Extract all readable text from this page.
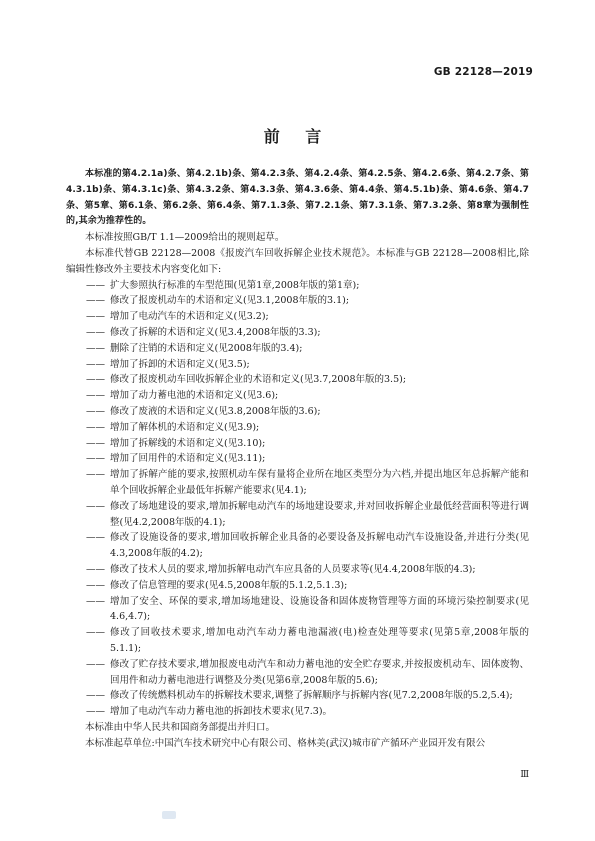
GB 22128—2019
前 言

本标准的第4.2.1a)条、第4.2.1b)条、第4.2.3条、第4.2.4条、第4.2.5条、第4.2.6条、第4.2.7条、第4.3.1b)条、第4.3.1c)条、第4.3.2条、第4.3.3条、第4.3.6条、第4.4条、第4.5.1b)条、第4.6条、第4.7条、第5章、第6.1条、第6.2条、第6.4条、第7.1.3条、第7.2.1条、第7.3.1条、第7.3.2条、第8章为强制性的,其余为推荐性的。

本标准按照GB/T 1.1—2009给出的规则起草。

本标准代替GB 22128—2008《报废汽车回收拆解企业技术规范》。本标准与GB 22128—2008相比,除编辑性修改外主要技术内容变化如下:

—— 扩大参照执行标准的车型范围(见第1章,2008年版的第1章);

—— 修改了报废机动车的术语和定义(见3.1,2008年版的3.1);

—— 增加了电动汽车的术语和定义(见3.2);

—— 修改了拆解的术语和定义(见3.4,2008年版的3.3);

—— 删除了注销的术语和定义(见2008年版的3.4);

—— 增加了拆卸的术语和定义(见3.5);

—— 修改了报废机动车回收拆解企业的术语和定义(见3.7,2008年版的3.5);

—— 增加了动力蓄电池的术语和定义(见3.6);

—— 修改了废液的术语和定义(见3.8,2008年版的3.6);

—— 增加了解体机的术语和定义(见3.9);

—— 增加了拆解线的术语和定义(见3.10);

—— 增加了回用件的术语和定义(见3.11);

—— 增加了拆解产能的要求,按照机动车保有量将企业所在地区类型分为六档,并提出地区年总拆解产能和单个回收拆解企业最低年拆解产能要求(见4.1);

—— 修改了场地建设的要求,增加拆解电动汽车的场地建设要求,并对回收拆解企业最低经营面积等进行调整(见4.2,2008年版的4.1);

—— 修改了设施设备的要求,增加回收拆解企业具备的必要设备及拆解电动汽车设施设备,并进行分类(见4.3,2008年版的4.2);

—— 修改了技术人员的要求,增加拆解电动汽车应具备的人员要求等(见4.4,2008年版的4.3);

—— 修改了信息管理的要求(见4.5,2008年版的5.1.2,5.1.3);

—— 增加了安全、环保的要求,增加场地建设、设施设备和固体废物管理等方面的环境污染控制要求(见4.6,4.7);

—— 修改了回收技术要求,增加电动汽车动力蓄电池漏液(电)检查处理等要求(见第5章,2008年版的5.1.1);

—— 修改了贮存技术要求,增加报废电动汽车和动力蓄电池的安全贮存要求,并按报废机动车、固体废物、回用件和动力蓄电池进行调整及分类(见第6章,2008年版的5.6);

—— 修改了传统燃料机动车的拆解技术要求,调整了拆解顺序与拆解内容(见7.2,2008年版的5.2,5.4);

—— 增加了电动汽车动力蓄电池的拆卸技术要求(见7.3)。

本标准由中华人民共和国商务部提出并归口。

本标准起草单位:中国汽车技术研究中心有限公司、格林美(武汉)城市矿产循环产业园开发有限公

Ⅲ
